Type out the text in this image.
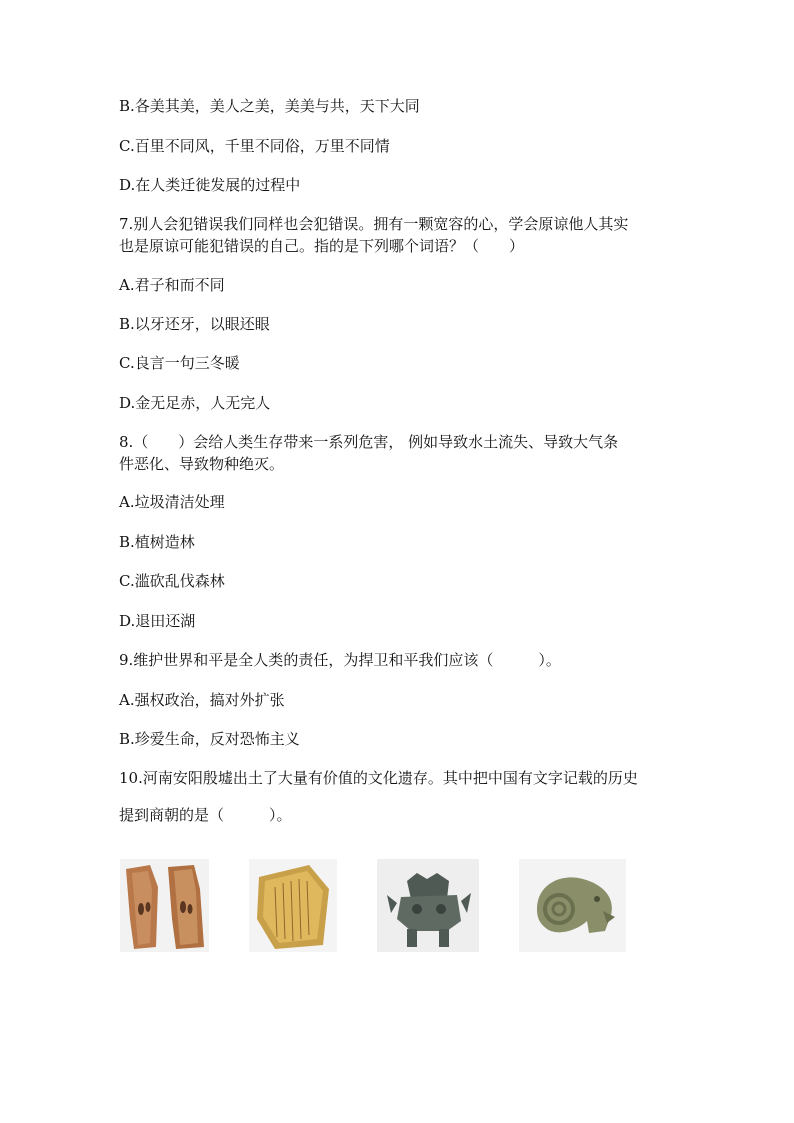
B.各美其美，美人之美，美美与共，天下大同
C.百里不同风，千里不同俗，万里不同情
D.在人类迁徙发展的过程中
7.别人会犯错误我们同样也会犯错误。拥有一颗宽容的心，学会原谅他人其实
也是原谅可能犯错误的自己。指的是下列哪个词语？（　　）
A.君子和而不同
B.以牙还牙，以眼还眼
C.良言一句三冬暖
D.金无足赤，人无完人
8.（　　）会给人类生存带来一系列危害， 例如导致水土流失、导致大气条
件恶化、导致物种绝灭。
A.垃圾清洁处理
B.植树造林
C.滥砍乱伐森林
D.退田还湖
9.维护世界和平是全人类的责任，为捍卫和平我们应该（　　　）。
A.强权政治，搞对外扩张
B.珍爱生命，反对恐怖主义
10.河南安阳殷墟出土了大量有价值的文化遗存。其中把中国有文字记载的历史
提到商朝的是（　　　）。
